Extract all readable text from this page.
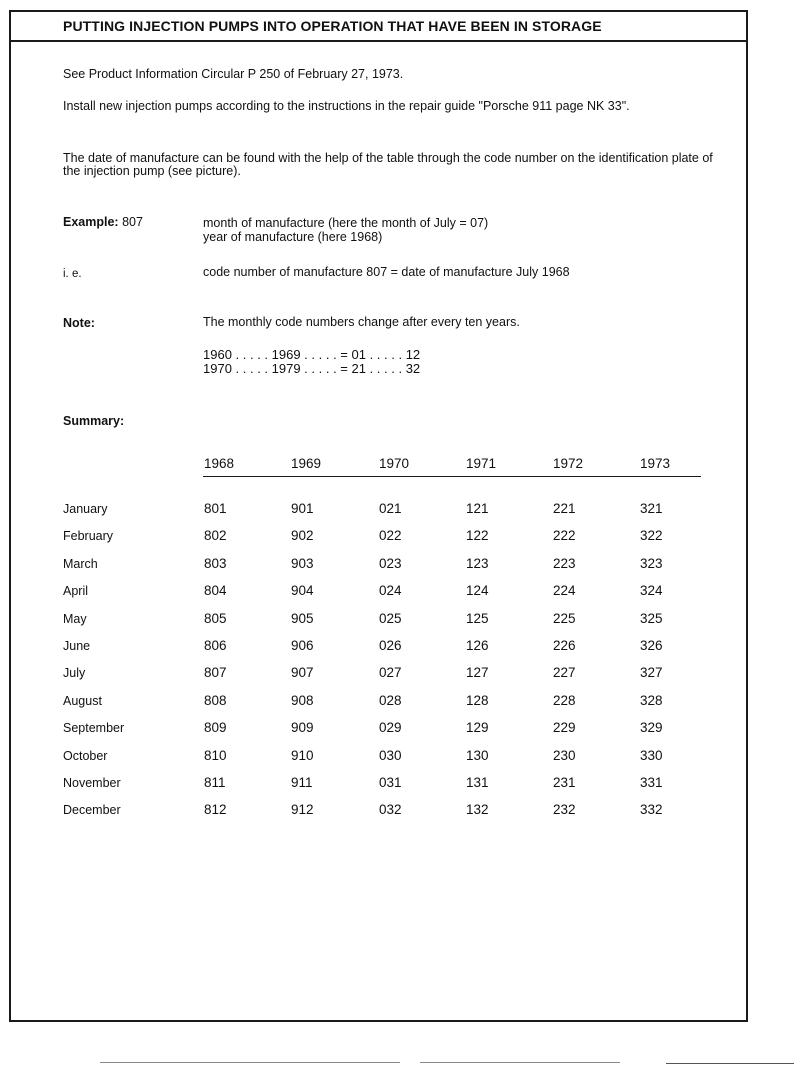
PUTTING INJECTION PUMPS INTO OPERATION THAT HAVE BEEN IN STORAGE
See Product Information Circular P 250 of February 27, 1973.
Install new injection pumps according to the instructions in the repair guide "Porsche 911 page NK 33".
The date of manufacture can be found with the help of the table through the code number on the identification plate of the injection pump (see picture).
Example: 807	month of manufacture (here the month of July = 07)
year of manufacture (here 1968)
i. e.	code number of manufacture 807 = date of manufacture July 1968
Note:	The monthly code numbers change after every ten years.
1960 . . . . . 1969 . . . . . = 01 . . . . . 12
1970 . . . . . 1979 . . . . . = 21 . . . . . 32
Summary:
1968	1969	1970	1971	1972	1973
January	801	901	021	121	221	321
February	802	902	022	122	222	322
March	803	903	023	123	223	323
April	804	904	024	124	224	324
May	805	905	025	125	225	325
June	806	906	026	126	226	326
July	807	907	027	127	227	327
August	808	908	028	128	228	328
September	809	909	029	129	229	329
October	810	910	030	130	230	330
November	811	911	031	131	231	331
December	812	912	032	132	232	332
